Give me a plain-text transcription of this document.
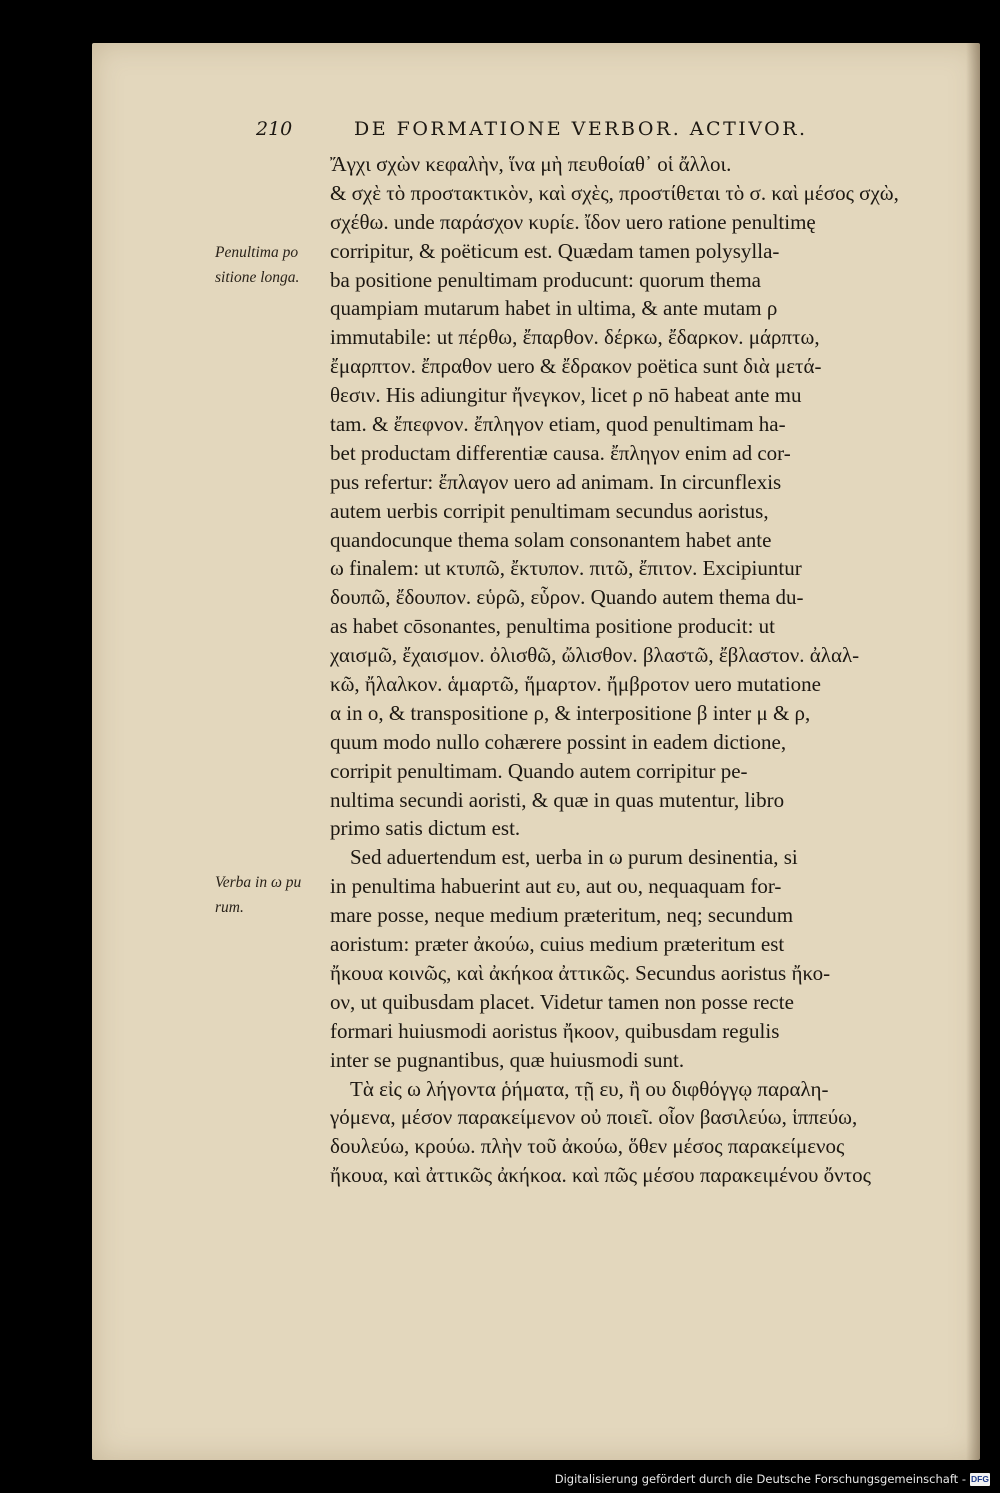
210	DE FORMATIONE VERBOR. ACTIVOR.
Penultima po
sitione longa.
Verba in ω pu
rum.
Ἄγχι σχὼν κεφαλὴν, ἵνα μὴ πευθοίαθ᾽ οἱ ἄλλοι.
& σχὲ τὸ προστακτικὸν, καὶ σχὲς, προστίθεται τὸ σ. καὶ μέσος σχὼ,
σχέθω. unde παράσχον κυρίε. ἴδον uero ratione penultimę
corripitur, & poëticum est. Quædam tamen polysylla-
ba positione penultimam producunt: quorum thema
quampiam mutarum habet in ultima, & ante mutam ρ
immutabile: ut πέρθω, ἔπαρθον. δέρκω, ἔδαρκον. μάρπτω,
ἔμαρπτον. ἔπραθον uero & ἔδρακον poëtica sunt διὰ μετά-
θεσιν. His adiungitur ἤνεγκον, licet ρ nō habeat ante mu
tam. & ἔπεφνον. ἔπληγον etiam, quod penultimam ha-
bet productam differentiæ causa. ἔπληγον enim ad cor-
pus refertur: ἔπλαγον uero ad animam. In circunflexis
autem uerbis corripit penultimam secundus aoristus,
quandocunque thema solam consonantem habet ante
ω finalem: ut κτυπῶ, ἔκτυπον. πιτῶ, ἔπιτον. Excipiuntur
δουπῶ, ἔδουπον. εὑρῶ, εὗρον. Quando autem thema du-
as habet cōsonantes, penultima positione producit: ut
χαισμῶ, ἔχαισμον. ὀλισθῶ, ὤλισθον. βλαστῶ, ἔβλαστον. ἀλαλ-
κῶ, ἤλαλκον. ἁμαρτῶ, ἥμαρτον. ἤμβροτον uero mutatione
α in ο, & transpositione ρ, & interpositione β inter μ & ρ,
quum modo nullo cohærere possint in eadem dictione,
corripit penultimam. Quando autem corripitur pe-
nultima secundi aoristi, & quæ in quas mutentur, libro
primo satis dictum est.
Sed aduertendum est, uerba in ω purum desinentia, si
in penultima habuerint aut ευ, aut ου, nequaquam for-
mare posse, neque medium præteritum, neq; secundum
aoristum: præter ἀκούω, cuius medium præteritum est
ἤκουα κοινῶς, καὶ ἀκήκοα ἀττικῶς. Secundus aoristus ἤκο-
ον, ut quibusdam placet. Videtur tamen non posse recte
formari huiusmodi aoristus ἤκοον, quibusdam regulis
inter se pugnantibus, quæ huiusmodi sunt.
Τὰ εἰς ω λήγοντα ῥήματα, τῇ ευ, ἢ ου διφθόγγῳ παραλη-
γόμενα, μέσον παρακείμενον οὐ ποιεῖ. οἷον βασιλεύω, ἱππεύω,
δουλεύω, κρούω. πλὴν τοῦ ἀκούω, ὅθεν μέσος παρακείμενος
ἤκουα, καὶ ἀττικῶς ἀκήκοα. καὶ πῶς μέσου παρακειμένου ὄντος
Digitalisierung gefördert durch die Deutsche Forschungsgemeinschaft - DFG
